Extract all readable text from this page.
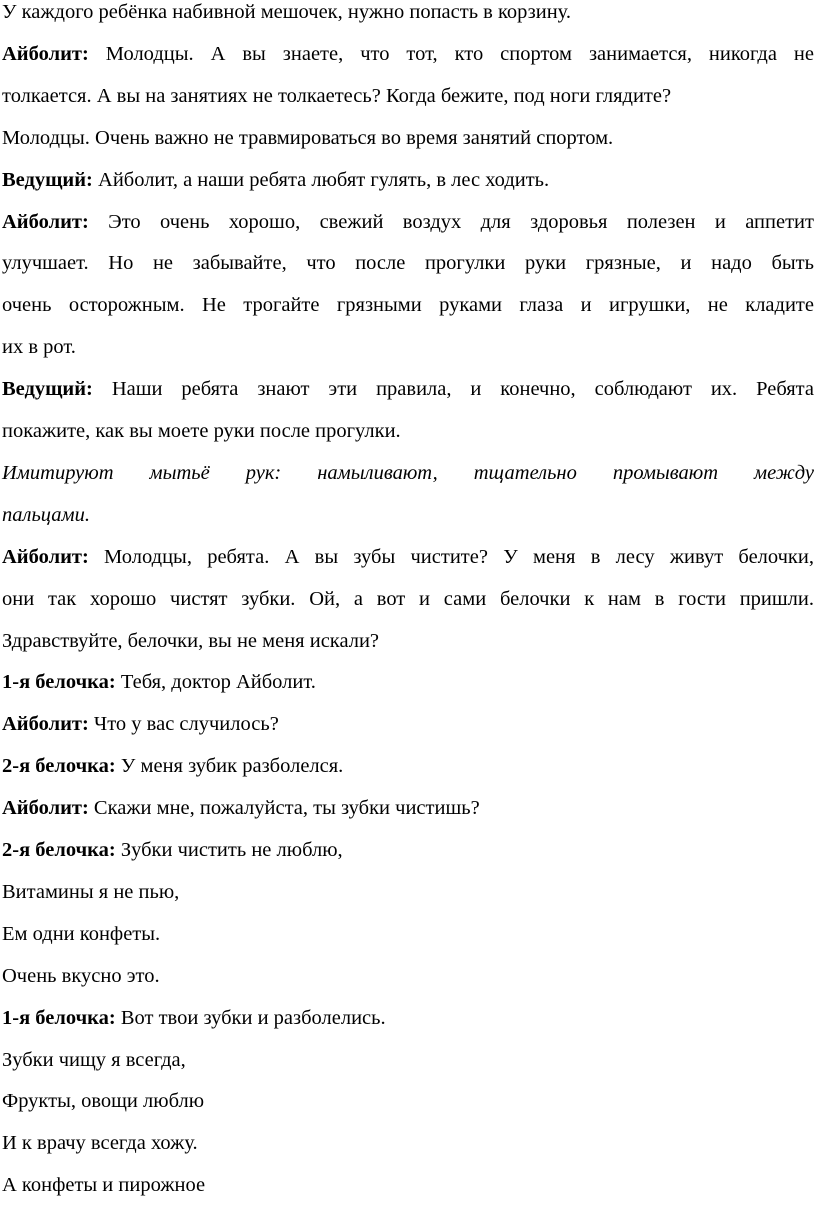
У каждого ребёнка набивной мешочек, нужно попасть в корзину.
Айболит: Молодцы. А вы знаете, что тот, кто спортом занимается, никогда не
толкается. А вы на занятиях не толкаетесь? Когда бежите, под ноги глядите?
Молодцы. Очень важно не травмироваться во время занятий спортом.
Ведущий: Айболит, а наши ребята любят гулять, в лес ходить.
Айболит: Это очень хорошо, свежий воздух для здоровья полезен и аппетит
улучшает. Но не забывайте, что после прогулки руки грязные, и надо быть
очень осторожным. Не трогайте грязными руками глаза и игрушки, не кладите
их в рот.
Ведущий: Наши ребята знают эти правила, и конечно, соблюдают их. Ребята
покажите, как вы моете руки после прогулки.
Имитируют мытьё рук: намыливают, тщательно промывают между
пальцами.
Айболит: Молодцы, ребята. А вы зубы чистите? У меня в лесу живут белочки,
они так хорошо чистят зубки. Ой, а вот и сами белочки к нам в гости пришли.
Здравствуйте, белочки, вы не меня искали?
1-я белочка: Тебя, доктор Айболит.
Айболит: Что у вас случилось?
2-я белочка: У меня зубик разболелся.
Айболит: Скажи мне, пожалуйста, ты зубки чистишь?
2-я белочка: Зубки чистить не люблю,
Витамины я не пью,
Ем одни конфеты.
Очень вкусно это.
1-я белочка: Вот твои зубки и разболелись.
Зубки чищу я всегда,
Фрукты, овощи люблю
И к врачу всегда хожу.
А конфеты и пирожное
